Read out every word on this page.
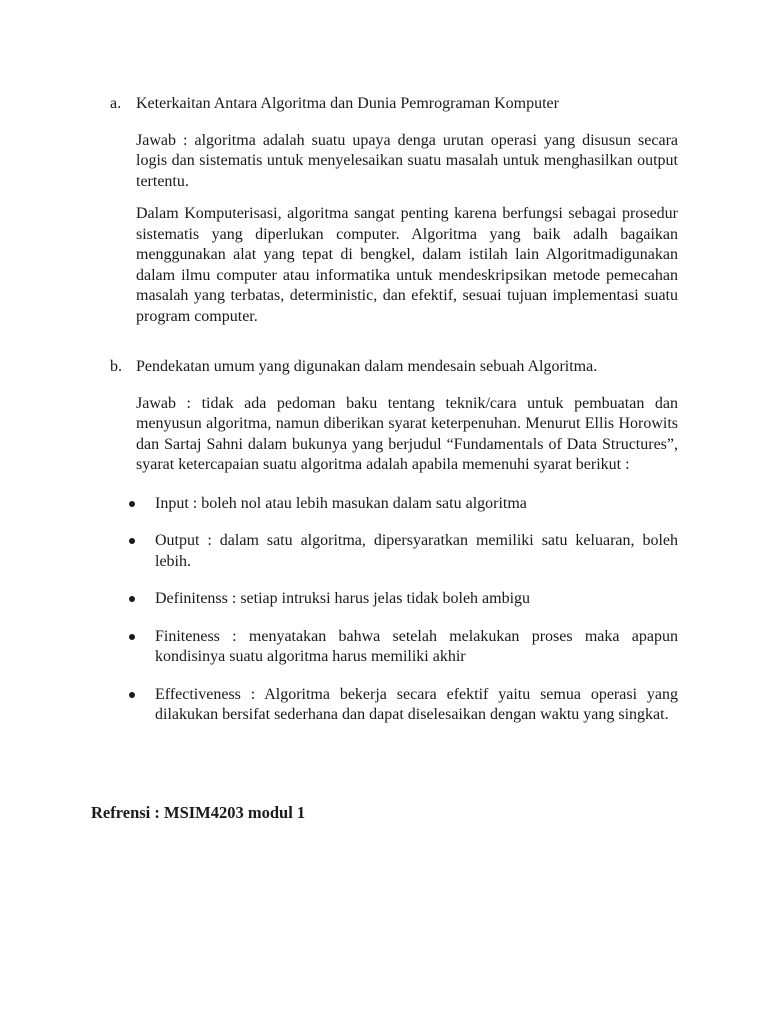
a. Keterkaitan Antara Algoritma dan Dunia Pemrograman Komputer
Jawab : algoritma adalah suatu upaya denga urutan operasi yang disusun secara logis dan sistematis untuk menyelesaikan suatu masalah untuk menghasilkan output tertentu.
Dalam Komputerisasi, algoritma sangat penting karena berfungsi sebagai prosedur sistematis yang diperlukan computer. Algoritma yang baik adalh bagaikan menggunakan alat yang tepat di bengkel, dalam istilah lain Algoritmadigunakan dalam ilmu computer atau informatika untuk mendeskripsikan metode pemecahan masalah yang terbatas, deterministic, dan efektif, sesuai tujuan implementasi suatu program computer.
b. Pendekatan umum yang digunakan dalam mendesain sebuah Algoritma.
Jawab : tidak ada pedoman baku tentang teknik/cara untuk pembuatan dan menyusun algoritma, namun diberikan syarat keterpenuhan. Menurut Ellis Horowits dan Sartaj Sahni dalam bukunya yang berjudul “Fundamentals of Data Structures”, syarat ketercapaian suatu algoritma adalah apabila memenuhi syarat berikut :
Input : boleh nol atau lebih masukan dalam satu algoritma
Output : dalam satu algoritma, dipersyaratkan memiliki satu keluaran, boleh lebih.
Definitenss : setiap intruksi harus jelas tidak boleh ambigu
Finiteness : menyatakan bahwa setelah melakukan proses maka apapun kondisinya suatu algoritma harus memiliki akhir
Effectiveness : Algoritma bekerja secara efektif yaitu semua operasi yang dilakukan bersifat sederhana dan dapat diselesaikan dengan waktu yang singkat.
Refrensi : MSIM4203 modul 1
